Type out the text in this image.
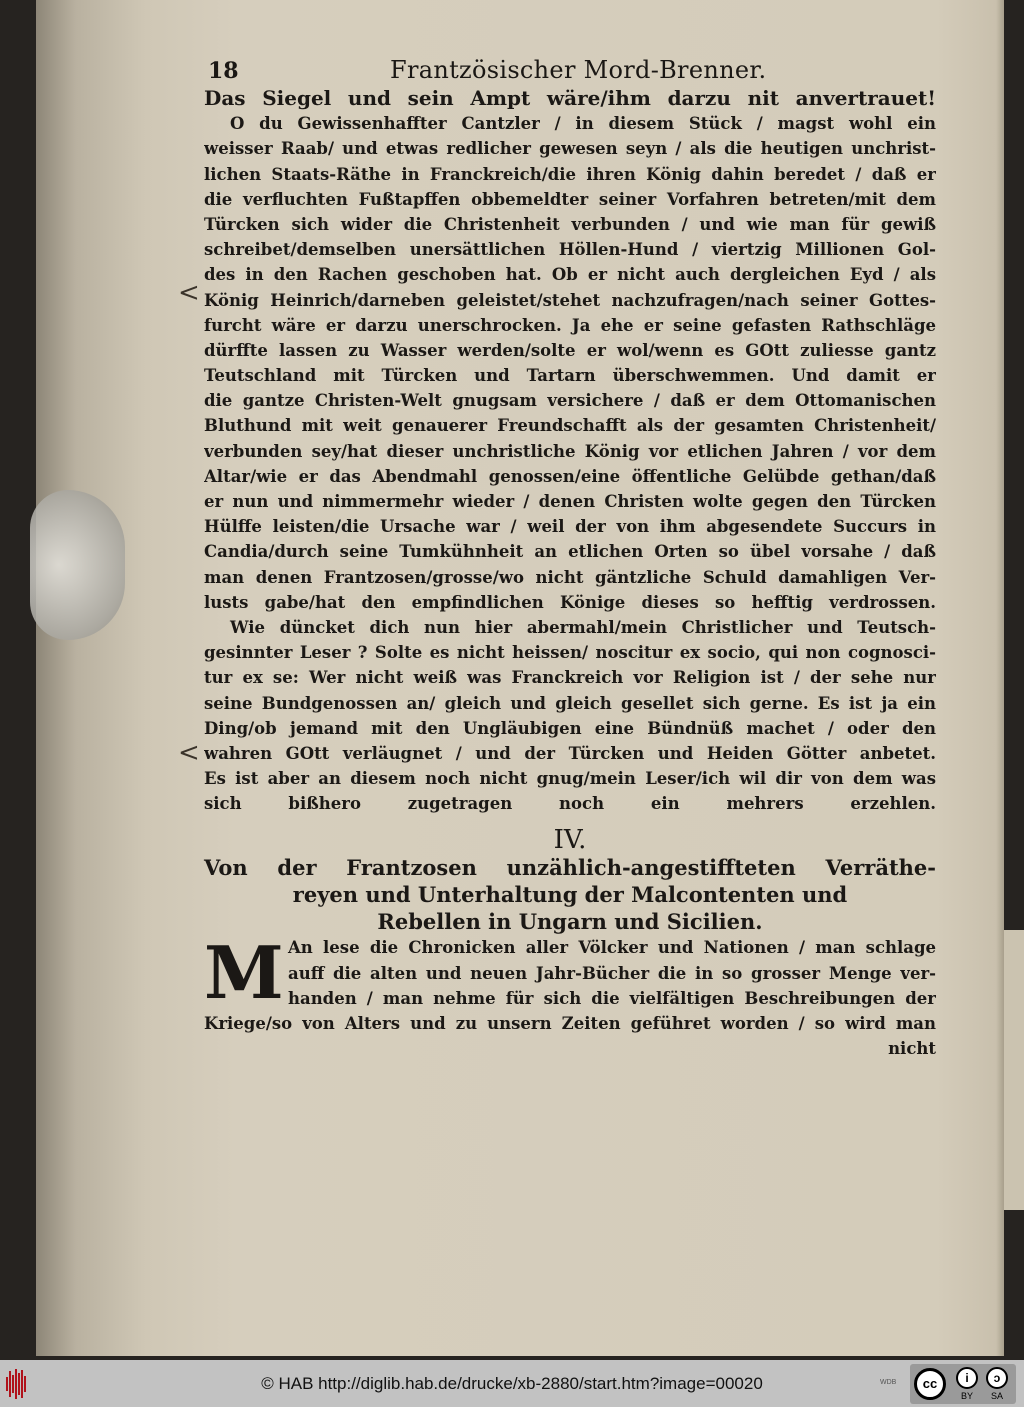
18	Frantzösischer Mord-Brenner.
<
<
Das Siegel und sein Ampt wäre/ihm darzu nit anvertrauet!
O du Gewissenhaffter Cantzler / in diesem Stück / magst wohl ein
weisser Raab/ und etwas redlicher gewesen seyn / als die heutigen unchrist-
lichen Staats-Räthe in Franckreich/die ihren König dahin beredet / daß er
die verfluchten Fußtapffen obbemeldter seiner Vorfahren betreten/mit dem
Türcken sich wider die Christenheit verbunden / und wie man für gewiß
schreibet/demselben unersättlichen Höllen-Hund / viertzig Millionen Gol-
des in den Rachen geschoben hat. Ob er nicht auch dergleichen Eyd / als
König Heinrich/darneben geleistet/stehet nachzufragen/nach seiner Gottes-
furcht wäre er darzu unerschrocken. Ja ehe er seine gefasten Rathschläge
dürffte lassen zu Wasser werden/solte er wol/wenn es GOtt zuliesse gantz
Teutschland mit Türcken und Tartarn überschwemmen. Und damit er
die gantze Christen-Welt gnugsam versichere / daß er dem Ottomanischen
Bluthund mit weit genauerer Freundschafft als der gesamten Christenheit/
verbunden sey/hat dieser unchristliche König vor etlichen Jahren / vor dem
Altar/wie er das Abendmahl genossen/eine öffentliche Gelübde gethan/daß
er nun und nimmermehr wieder / denen Christen wolte gegen den Türcken
Hülffe leisten/die Ursache war / weil der von ihm abgesendete Succurs in
Candia/durch seine Tumkühnheit an etlichen Orten so übel vorsahe / daß
man denen Frantzosen/grosse/wo nicht gäntzliche Schuld damahligen Ver-
lusts gabe/hat den empfindlichen Könige dieses so hefftig verdrossen.
Wie düncket dich nun hier abermahl/mein Christlicher und Teutsch-
gesinnter Leser ? Solte es nicht heissen/ noscitur ex socio, qui non cognosci-
tur ex se: Wer nicht weiß was Franckreich vor Religion ist / der sehe nur
seine Bundgenossen an/ gleich und gleich gesellet sich gerne. Es ist ja ein
Ding/ob jemand mit den Ungläubigen eine Bündnüß machet / oder den
wahren GOtt verläugnet / und der Türcken und Heiden Götter anbetet.
Es ist aber an diesem noch nicht gnug/mein Leser/ich wil dir von dem was
sich bißhero zugetragen noch ein mehrers erzehlen.
IV.
Von der Frantzosen unzählich-angestiffteten Verräthe-
reyen und Unterhaltung der Malcontenten und
Rebellen in Ungarn und Sicilien.
M An lese die Chronicken aller Völcker und Nationen / man schlage
auff die alten und neuen Jahr-Bücher die in so grosser Menge ver-
handen / man nehme für sich die vielfältigen Beschreibungen der
Kriege/so von Alters und zu unsern Zeiten geführet worden / so wird man
nicht
© HAB http://diglib.hab.de/drucke/xb-2880/start.htm?image=00020	WDB	cc	i	ↄ
BY SA
